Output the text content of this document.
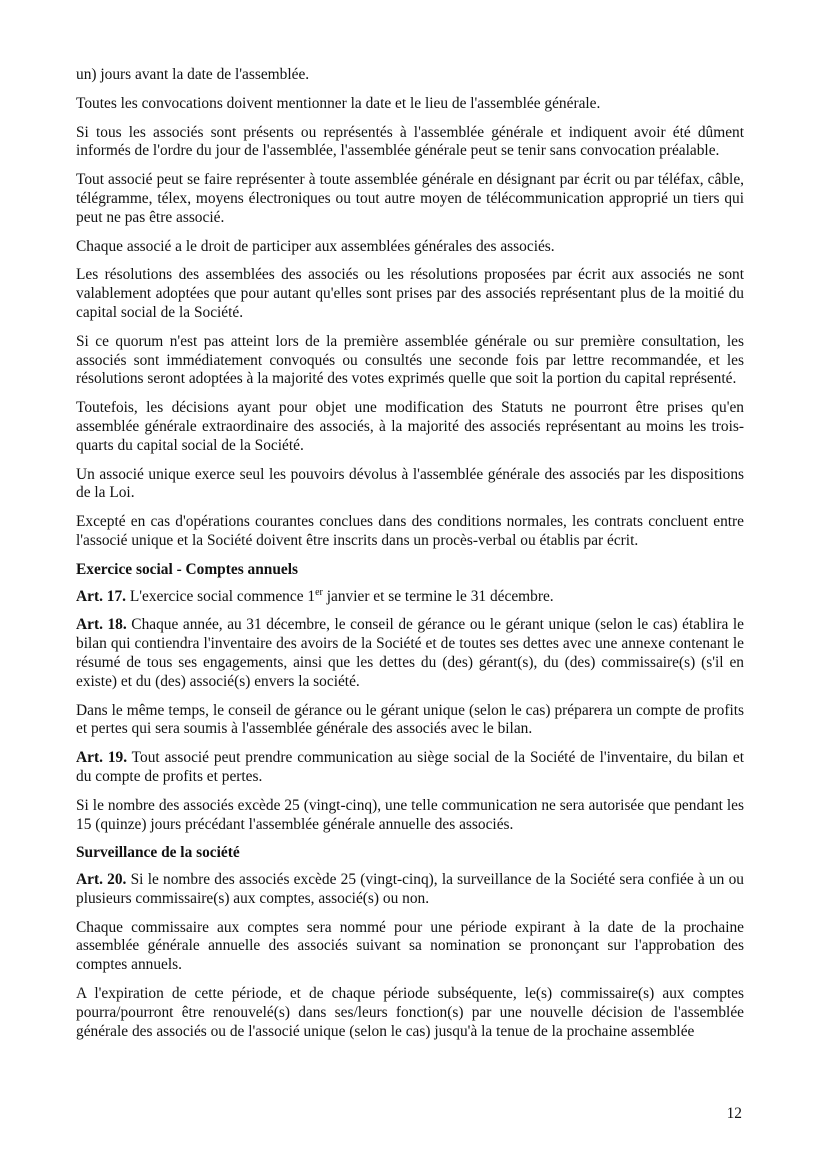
un) jours avant la date de l'assemblée.

Toutes les convocations doivent mentionner la date et le lieu de l'assemblée générale.

Si tous les associés sont présents ou représentés à l'assemblée générale et indiquent avoir été dûment informés de l'ordre du jour de l'assemblée, l'assemblée générale peut se tenir sans convocation préalable.

Tout associé peut se faire représenter à toute assemblée générale en désignant par écrit ou par téléfax, câble, télégramme, télex, moyens électroniques ou tout autre moyen de télécommunication approprié un tiers qui peut ne pas être associé.

Chaque associé a le droit de participer aux assemblées générales des associés.

Les résolutions des assemblées des associés ou les résolutions proposées par écrit aux associés ne sont valablement adoptées que pour autant qu'elles sont prises par des associés représentant plus de la moitié du capital social de la Société.

Si ce quorum n'est pas atteint lors de la première assemblée générale ou sur première consultation, les associés sont immédiatement convoqués ou consultés une seconde fois par lettre recommandée, et les résolutions seront adoptées à la majorité des votes exprimés quelle que soit la portion du capital représenté.

Toutefois, les décisions ayant pour objet une modification des Statuts ne pourront être prises qu'en assemblée générale extraordinaire des associés, à la majorité des associés représentant au moins les trois-quarts du capital social de la Société.

Un associé unique exerce seul les pouvoirs dévolus à l'assemblée générale des associés par les dispositions de la Loi.

Excepté en cas d'opérations courantes conclues dans des conditions normales, les contrats concluent entre l'associé unique et la Société doivent être inscrits dans un procès-verbal ou établis par écrit.

Exercice social - Comptes annuels

Art. 17. L'exercice social commence 1er janvier et se termine le 31 décembre.

Art. 18. Chaque année, au 31 décembre, le conseil de gérance ou le gérant unique (selon le cas) établira le bilan qui contiendra l'inventaire des avoirs de la Société et de toutes ses dettes avec une annexe contenant le résumé de tous ses engagements, ainsi que les dettes du (des) gérant(s), du (des) commissaire(s) (s'il en existe) et du (des) associé(s) envers la société.

Dans le même temps, le conseil de gérance ou le gérant unique (selon le cas) préparera un compte de profits et pertes qui sera soumis à l'assemblée générale des associés avec le bilan.

Art. 19. Tout associé peut prendre communication au siège social de la Société de l'inventaire, du bilan et du compte de profits et pertes.

Si le nombre des associés excède 25 (vingt-cinq), une telle communication ne sera autorisée que pendant les 15 (quinze) jours précédant l'assemblée générale annuelle des associés.

Surveillance de la société

Art. 20. Si le nombre des associés excède 25 (vingt-cinq), la surveillance de la Société sera confiée à un ou plusieurs commissaire(s) aux comptes, associé(s) ou non.

Chaque commissaire aux comptes sera nommé pour une période expirant à la date de la prochaine assemblée générale annuelle des associés suivant sa nomination se prononçant sur l'approbation des comptes annuels.

A l'expiration de cette période, et de chaque période subséquente, le(s) commissaire(s) aux comptes pourra/pourront être renouvelé(s) dans ses/leurs fonction(s) par une nouvelle décision de l'assemblée générale des associés ou de l'associé unique (selon le cas) jusqu'à la tenue de la prochaine assemblée

12
